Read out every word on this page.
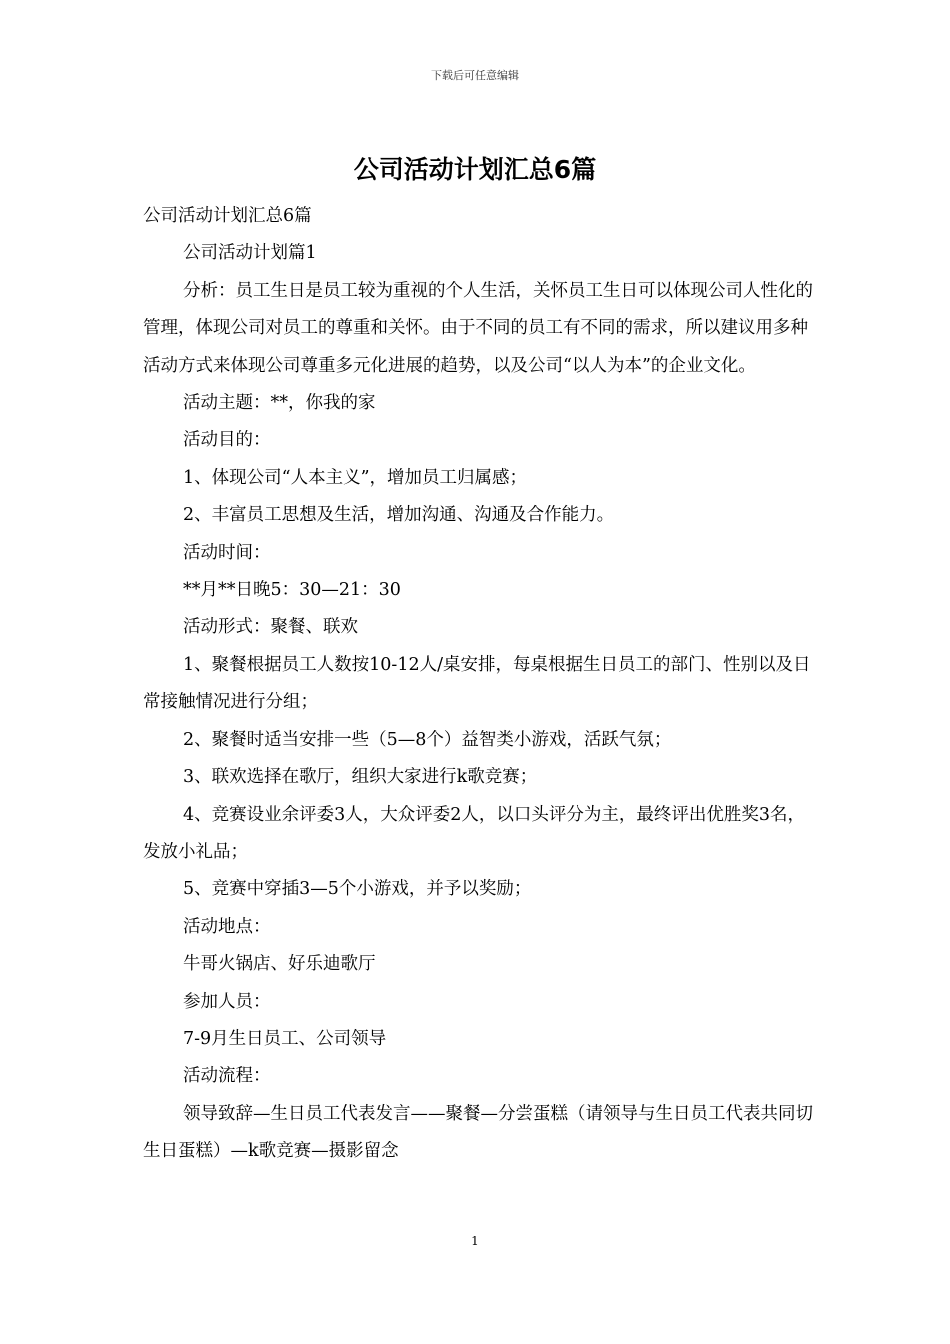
下载后可任意编辑
公司活动计划汇总6篇

公司活动计划汇总6篇

公司活动计划篇1

分析：员工生日是员工较为重视的个人生活，关怀员工生日可以体现公司人性化的管理，体现公司对员工的尊重和关怀。由于不同的员工有不同的需求，所以建议用多种活动方式来体现公司尊重多元化进展的趋势，以及公司“以人为本”的企业文化。

活动主题：**，你我的家

活动目的：

1、体现公司“人本主义”，增加员工归属感；

2、丰富员工思想及生活，增加沟通、沟通及合作能力。

活动时间：

**月**日晚5：30—21：30

活动形式：聚餐、联欢

1、聚餐根据员工人数按10-12人/桌安排，每桌根据生日员工的部门、性别以及日常接触情况进行分组；

2、聚餐时适当安排一些（5—8个）益智类小游戏，活跃气氛；

3、联欢选择在歌厅，组织大家进行k歌竞赛；

4、竞赛设业余评委3人，大众评委2人，以口头评分为主，最终评出优胜奖3名，发放小礼品；

5、竞赛中穿插3—5个小游戏，并予以奖励；

活动地点：

牛哥火锅店、好乐迪歌厅

参加人员：

7-9月生日员工、公司领导

活动流程：

领导致辞—生日员工代表发言——聚餐—分尝蛋糕（请领导与生日员工代表共同切生日蛋糕）—k歌竞赛—摄影留念

1
